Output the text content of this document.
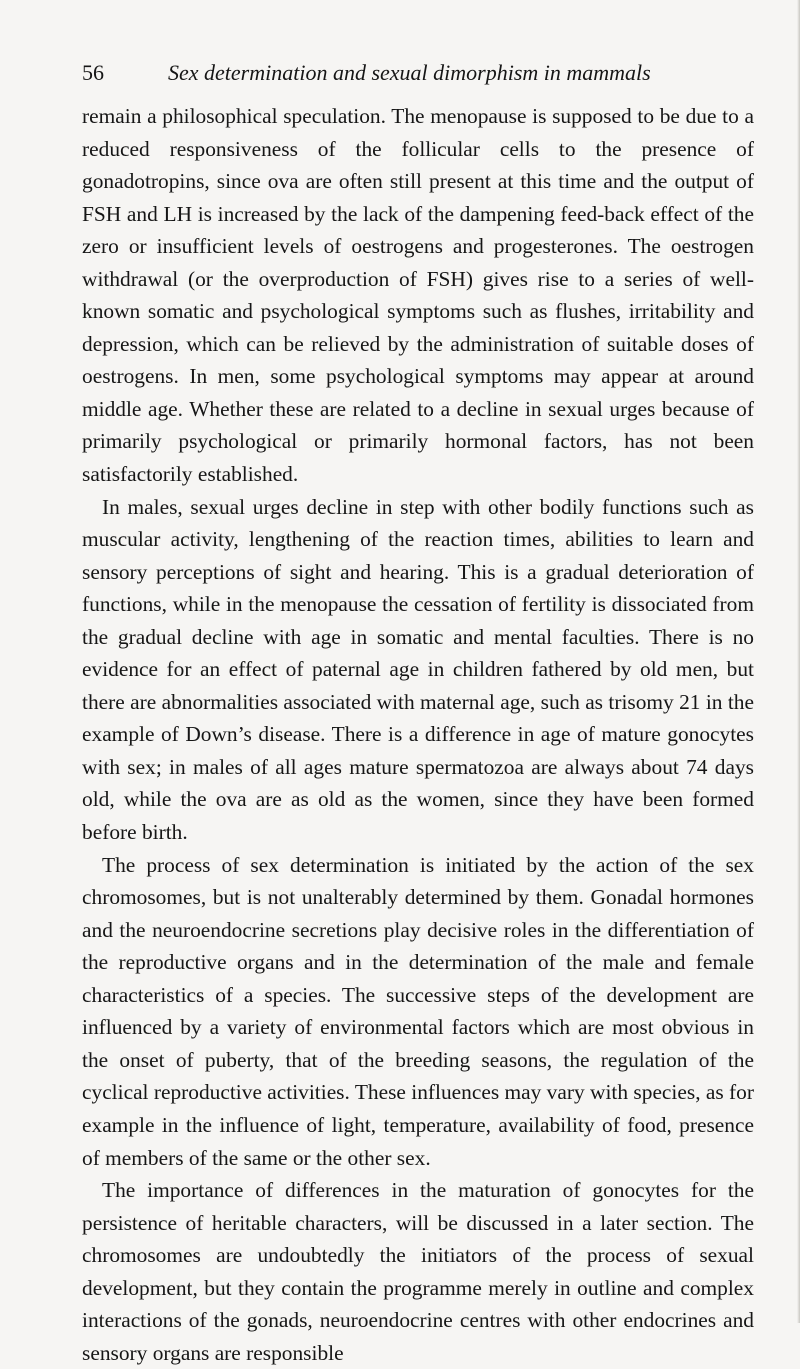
56	Sex determination and sexual dimorphism in mammals

remain a philosophical speculation. The menopause is supposed to be due to a reduced responsiveness of the follicular cells to the presence of gonadotropins, since ova are often still present at this time and the output of FSH and LH is increased by the lack of the dampening feed-back effect of the zero or insufficient levels of oestrogens and progesterones. The oestrogen withdrawal (or the overproduction of FSH) gives rise to a series of well-known somatic and psychological symptoms such as flushes, irritability and depression, which can be relieved by the administration of suitable doses of oestrogens. In men, some psychological symptoms may appear at around middle age. Whether these are related to a decline in sexual urges because of primarily psychological or primarily hormonal factors, has not been satisfactorily established.

In males, sexual urges decline in step with other bodily functions such as muscular activity, lengthening of the reaction times, abilities to learn and sensory perceptions of sight and hearing. This is a gradual deterioration of functions, while in the menopause the cessation of fertility is dissociated from the gradual decline with age in somatic and mental faculties. There is no evidence for an effect of paternal age in children fathered by old men, but there are abnormalities associated with maternal age, such as trisomy 21 in the example of Down’s disease. There is a difference in age of mature gonocytes with sex; in males of all ages mature spermatozoa are always about 74 days old, while the ova are as old as the women, since they have been formed before birth.

The process of sex determination is initiated by the action of the sex chromosomes, but is not unalterably determined by them. Gonadal hormones and the neuroendocrine secretions play decisive roles in the differentiation of the reproductive organs and in the determination of the male and female characteristics of a species. The successive steps of the development are influenced by a variety of environmental factors which are most obvious in the onset of puberty, that of the breeding seasons, the regulation of the cyclical reproductive activities. These influences may vary with species, as for example in the influence of light, temperature, availability of food, presence of members of the same or the other sex.

The importance of differences in the maturation of gonocytes for the persistence of heritable characters, will be discussed in a later section. The chromosomes are undoubtedly the initiators of the process of sexual development, but they contain the programme merely in outline and complex interactions of the gonads, neuroendocrine centres with other endocrines and sensory organs are responsible
